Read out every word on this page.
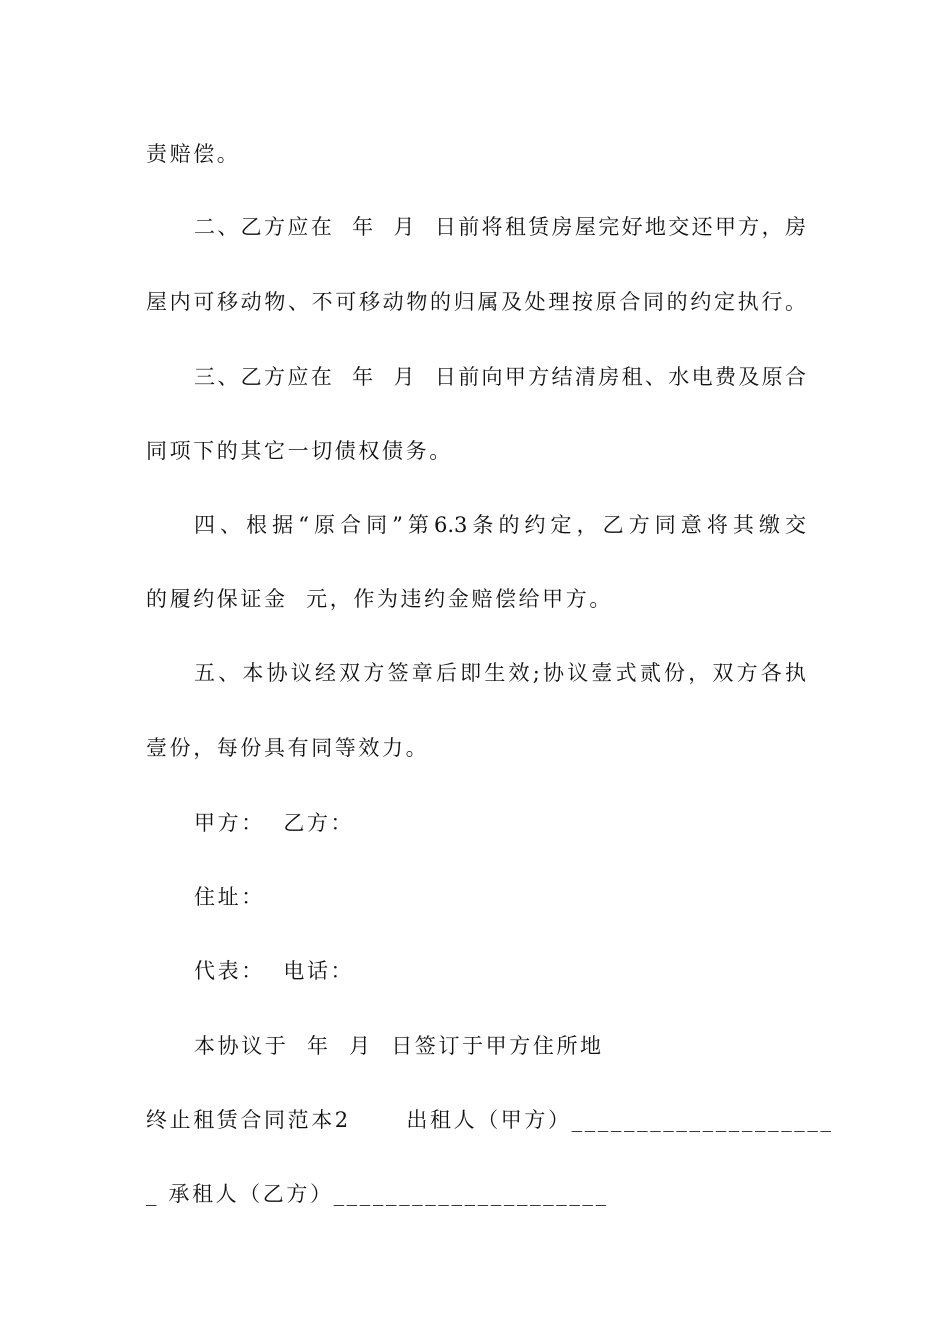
责赔偿。
二、乙方应在  年  月  日前将租赁房屋完好地交还甲方，房
屋内可移动物、不可移动物的归属及处理按原合同的约定执行。
三、乙方应在  年  月  日前向甲方结清房租、水电费及原合
同项下的其它一切债权债务。
四、根据“原合同”第6.3条的约定，乙方同意将其缴交
的履约保证金  元，作为违约金赔偿给甲方。
五、本协议经双方签章后即生效;协议壹式贰份，双方各执
壹份，每份具有同等效力。
甲方：  乙方：
住址：
代表：  电话：
本协议于  年  月  日签订于甲方住所地
终止租赁合同范本2      出租人（甲方）____________________
_ 承租人（乙方）_____________________
